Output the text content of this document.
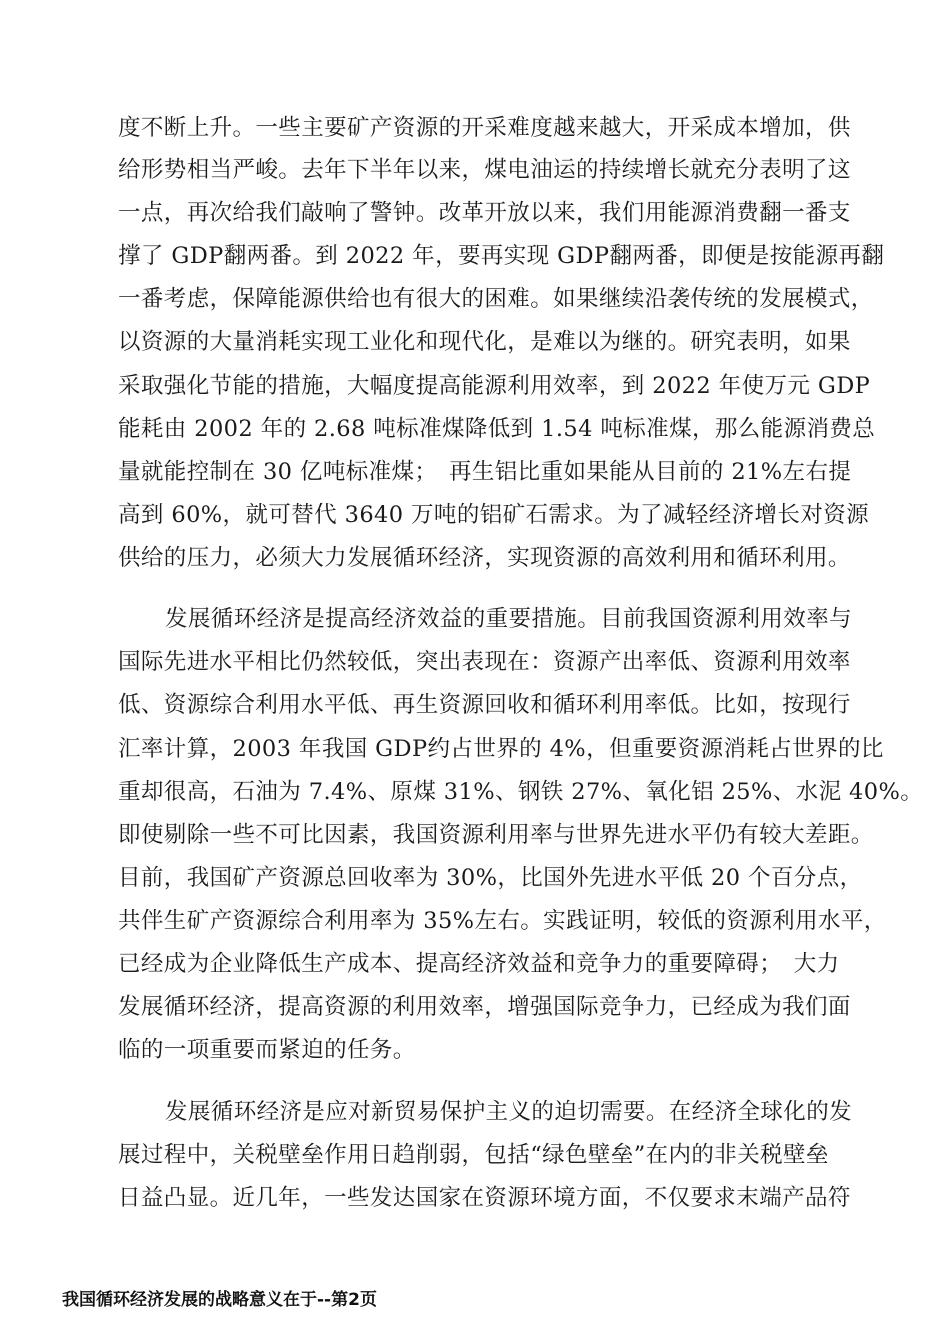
度不断上升。一些主要矿产资源的开采难度越来越大，开采成本增加，供
给形势相当严峻。去年下半年以来，煤电油运的持续增长就充分表明了这
一点，再次给我们敲响了警钟。改革开放以来，我们用能源消费翻一番支
撑了 GDP翻两番。到 2022 年，要再实现 GDP翻两番，即便是按能源再翻
一番考虑，保障能源供给也有很大的困难。如果继续沿袭传统的发展模式，
以资源的大量消耗实现工业化和现代化，是难以为继的。研究表明，如果
采取强化节能的措施，大幅度提高能源利用效率，到 2022 年使万元 GDP
能耗由 2002 年的 2.68 吨标准煤降低到 1.54 吨标准煤，那么能源消费总
量就能控制在 30 亿吨标准煤；　再生铝比重如果能从目前的 21%左右提
高到 60%，就可替代 3640 万吨的铝矿石需求。为了减轻经济增长对资源
供给的压力，必须大力发展循环经济，实现资源的高效利用和循环利用。
发展循环经济是提高经济效益的重要措施。目前我国资源利用效率与
国际先进水平相比仍然较低，突出表现在：资源产出率低、资源利用效率
低、资源综合利用水平低、再生资源回收和循环利用率低。比如，按现行
汇率计算，2003 年我国 GDP约占世界的 4%，但重要资源消耗占世界的比
重却很高，石油为 7.4%、原煤 31%、钢铁 27%、氧化铝 25%、水泥 40%。
即使剔除一些不可比因素，我国资源利用率与世界先进水平仍有较大差距。
目前，我国矿产资源总回收率为 30%，比国外先进水平低 20 个百分点，
共伴生矿产资源综合利用率为 35%左右。实践证明，较低的资源利用水平，
已经成为企业降低生产成本、提高经济效益和竞争力的重要障碍；　大力
发展循环经济，提高资源的利用效率，增强国际竞争力，已经成为我们面
临的一项重要而紧迫的任务。
发展循环经济是应对新贸易保护主义的迫切需要。在经济全球化的发
展过程中，关税壁垒作用日趋削弱，包括“绿色壁垒”在内的非关税壁垒
日益凸显。近几年，一些发达国家在资源环境方面，不仅要求末端产品符
我国循环经济发展的战略意义在于--第2页
